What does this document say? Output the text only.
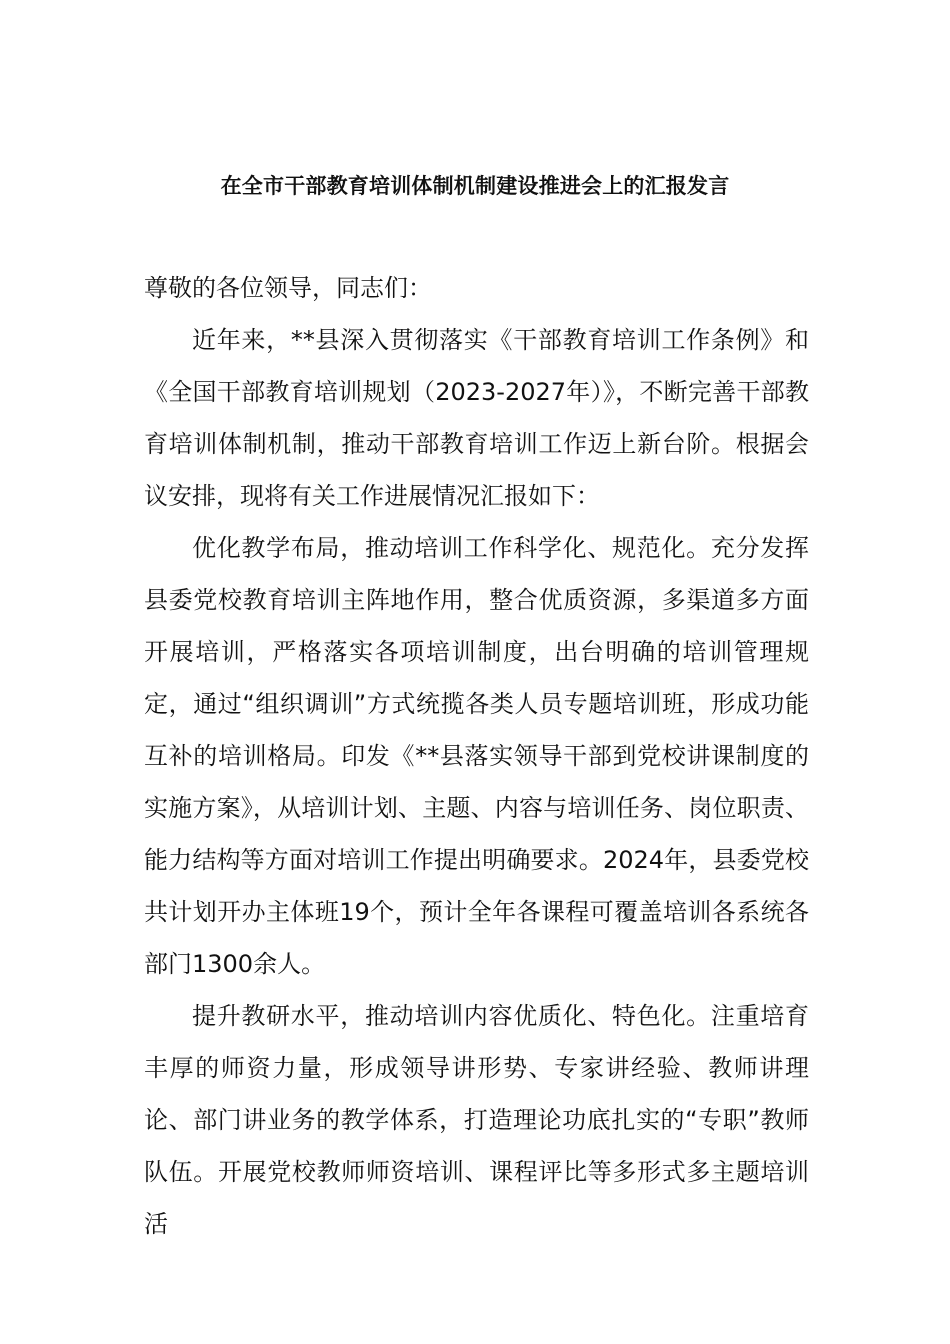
在全市干部教育培训体制机制建设推进会上的汇报发言

尊敬的各位领导，同志们：

近年来，**县深入贯彻落实《干部教育培训工作条例》和《全国干部教育培训规划（2023-2027年）》，不断完善干部教育培训体制机制，推动干部教育培训工作迈上新台阶。根据会议安排，现将有关工作进展情况汇报如下：

优化教学布局，推动培训工作科学化、规范化。充分发挥县委党校教育培训主阵地作用，整合优质资源，多渠道多方面开展培训，严格落实各项培训制度，出台明确的培训管理规定，通过“组织调训”方式统揽各类人员专题培训班，形成功能互补的培训格局。印发《**县落实领导干部到党校讲课制度的实施方案》，从培训计划、主题、内容与培训任务、岗位职责、能力结构等方面对培训工作提出明确要求。2024年，县委党校共计划开办主体班19个，预计全年各课程可覆盖培训各系统各部门1300余人。

提升教研水平，推动培训内容优质化、特色化。注重培育丰厚的师资力量，形成领导讲形势、专家讲经验、教师讲理论、部门讲业务的教学体系，打造理论功底扎实的“专职”教师队伍。开展党校教师师资培训、课程评比等多形式多主题培训活
